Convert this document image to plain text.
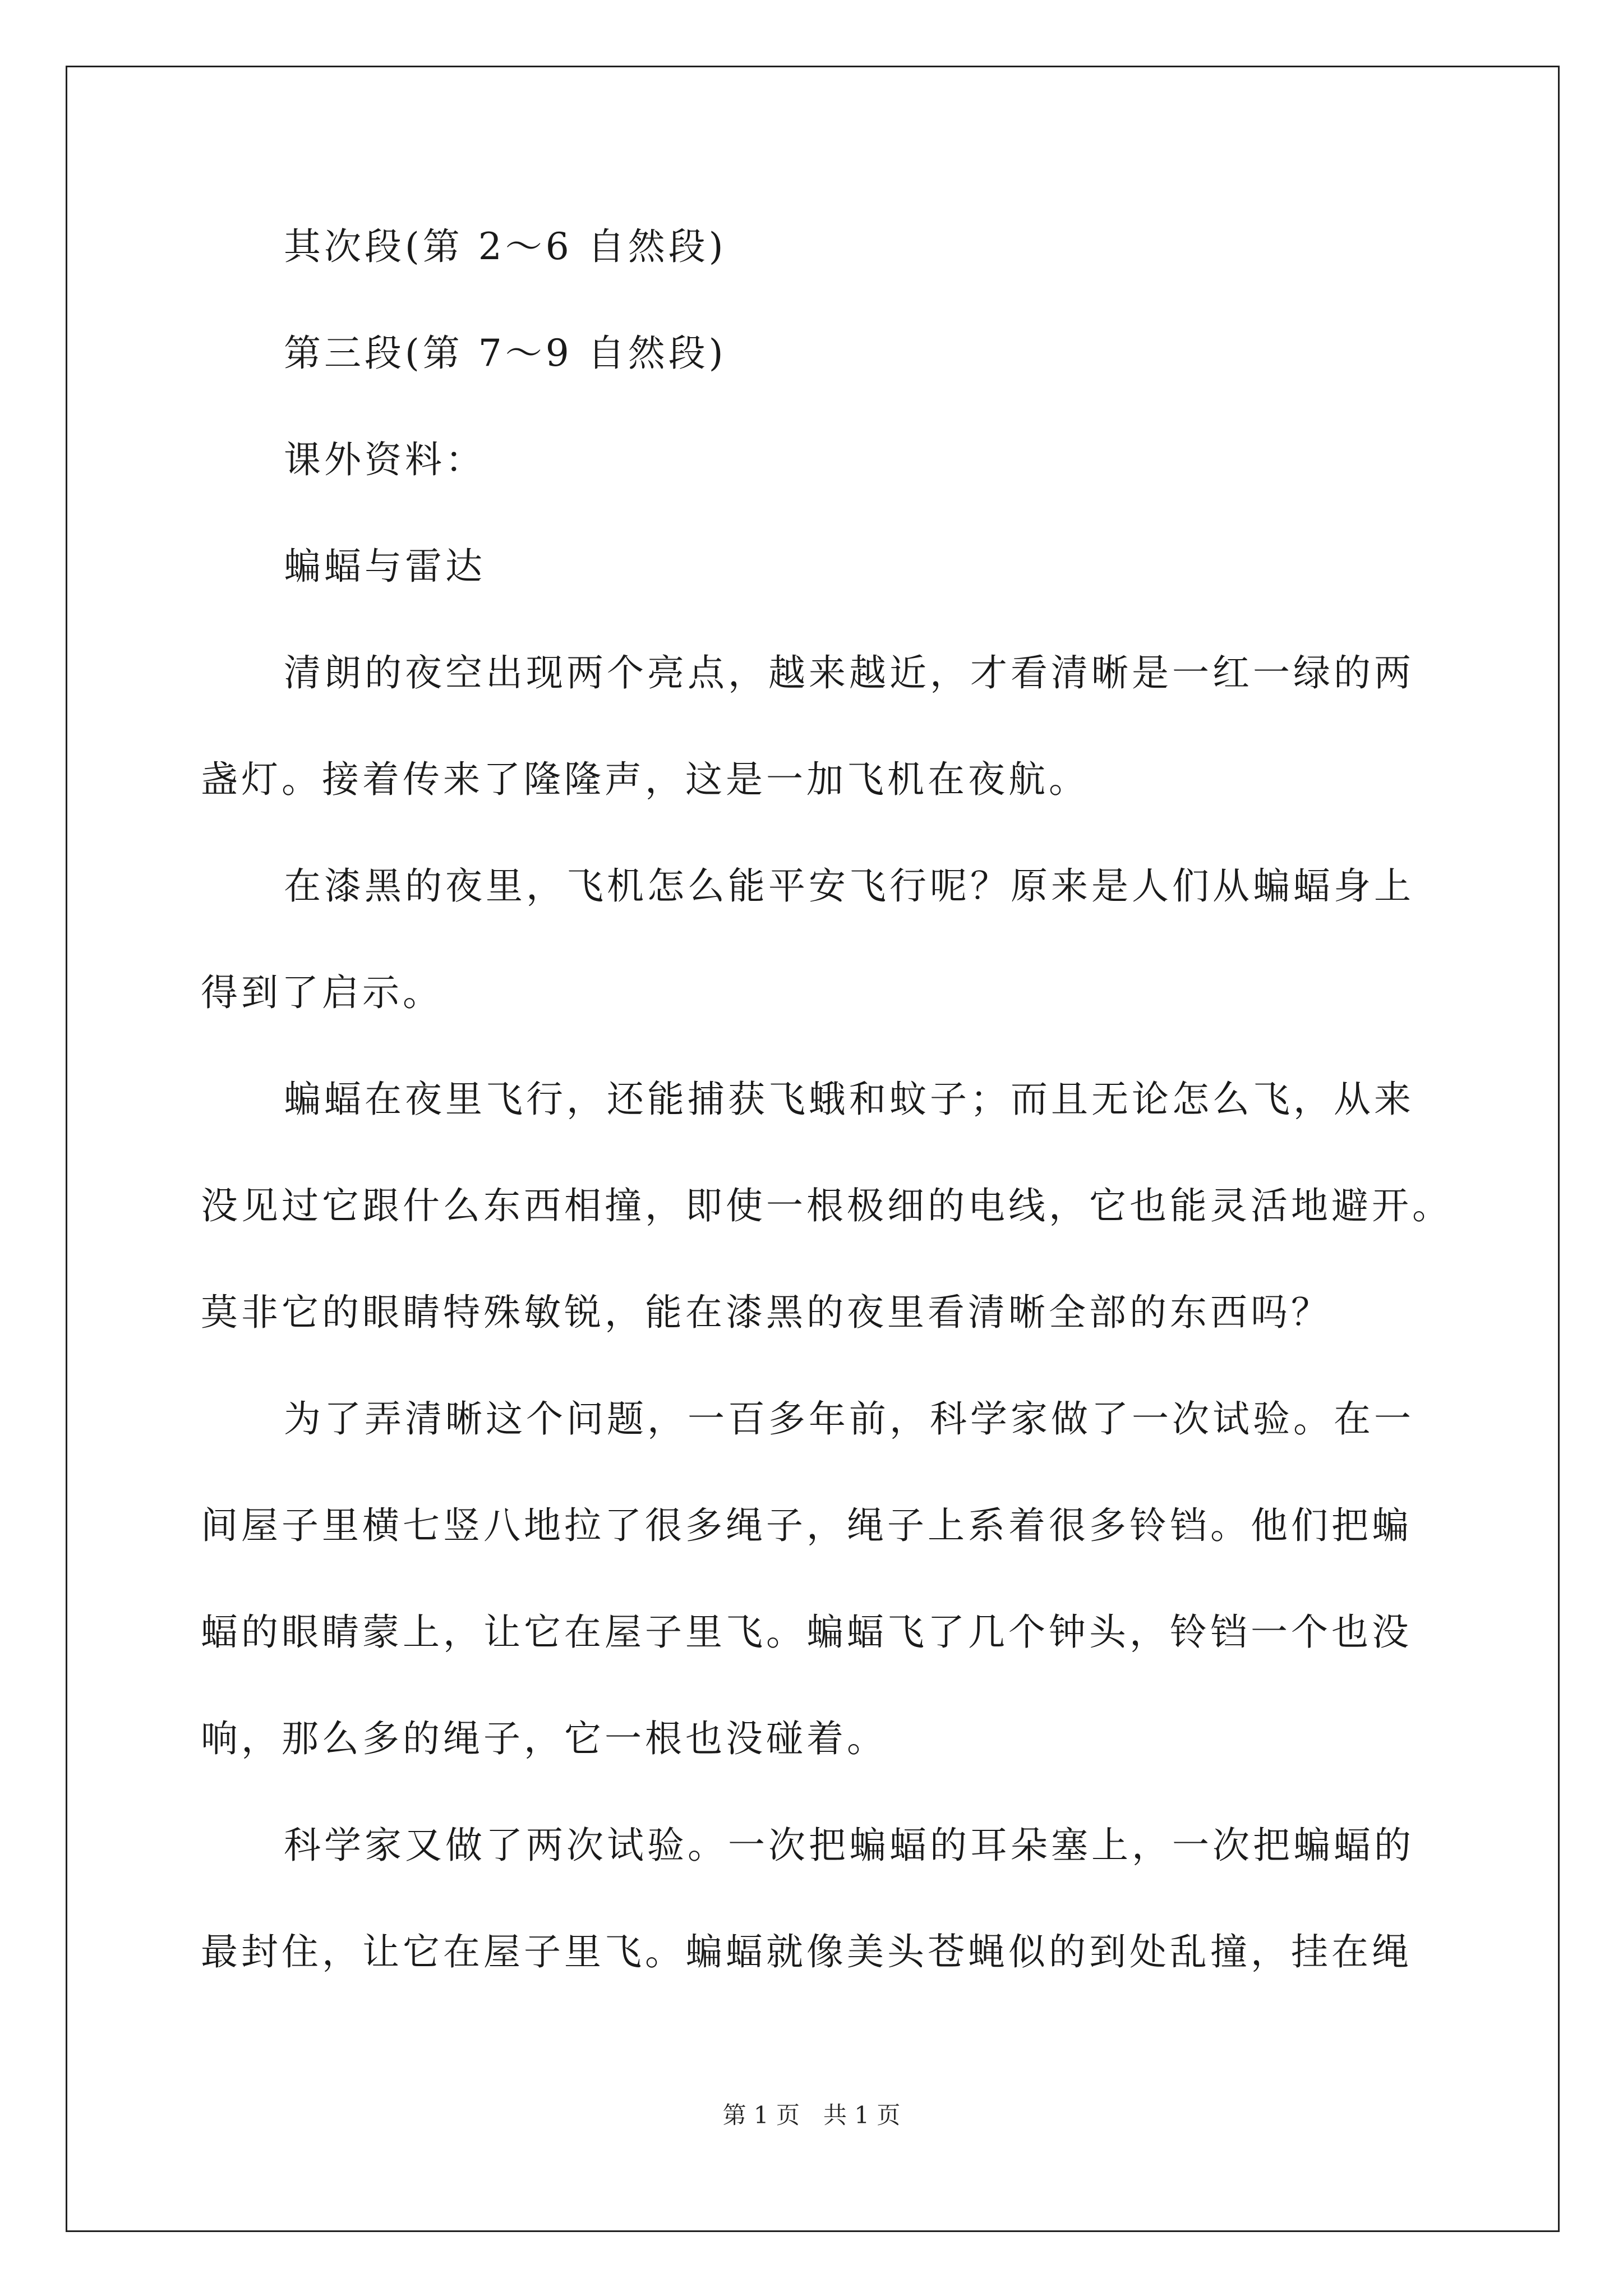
其次段(第 2～6 自然段)
第三段(第 7～9 自然段)
课外资料：
蝙蝠与雷达
清朗的夜空出现两个亮点，越来越近，才看清晰是一红一绿的两
盏灯。接着传来了隆隆声，这是一加飞机在夜航。
在漆黑的夜里，飞机怎么能平安飞行呢？原来是人们从蝙蝠身上
得到了启示。
蝙蝠在夜里飞行，还能捕获飞蛾和蚊子；而且无论怎么飞，从来
没见过它跟什么东西相撞，即使一根极细的电线，它也能灵活地避开。
莫非它的眼睛特殊敏锐，能在漆黑的夜里看清晰全部的东西吗？
为了弄清晰这个问题，一百多年前，科学家做了一次试验。在一
间屋子里横七竖八地拉了很多绳子，绳子上系着很多铃铛。他们把蝙
蝠的眼睛蒙上，让它在屋子里飞。蝙蝠飞了几个钟头，铃铛一个也没
响，那么多的绳子，它一根也没碰着。
科学家又做了两次试验。一次把蝙蝠的耳朵塞上，一次把蝙蝠的
最封住，让它在屋子里飞。蝙蝠就像美头苍蝇似的到处乱撞，挂在绳
第 1 页　共 1 页
